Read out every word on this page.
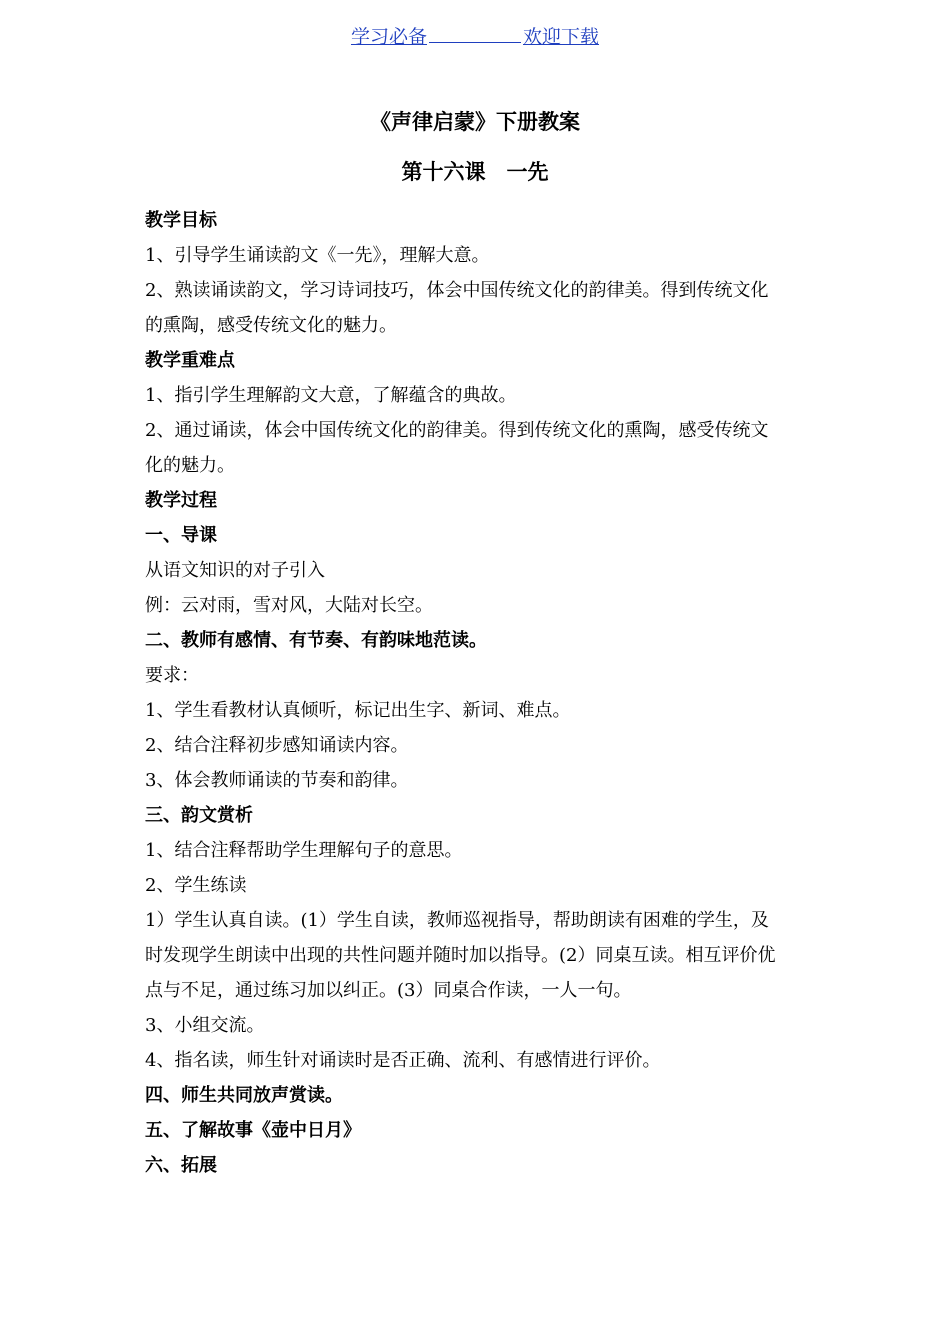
学习必备	欢迎下载
《声律启蒙》下册教案
第十六课　一先
教学目标
1、引导学生诵读韵文《一先》，理解大意。
2、熟读诵读韵文，学习诗词技巧，体会中国传统文化的韵律美。得到传统文化
的熏陶，感受传统文化的魅力。
教学重难点
1、指引学生理解韵文大意，了解蕴含的典故。
2、通过诵读，体会中国传统文化的韵律美。得到传统文化的熏陶，感受传统文
化的魅力。
教学过程
一、导课
从语文知识的对子引入
例：云对雨，雪对风，大陆对长空。
二、教师有感情、有节奏、有韵味地范读。
要求：
1、学生看教材认真倾听，标记出生字、新词、难点。
2、结合注释初步感知诵读内容。
3、体会教师诵读的节奏和韵律。
三、韵文赏析
1、结合注释帮助学生理解句子的意思。
2、学生练读
1）学生认真自读。(1）学生自读，教师巡视指导，帮助朗读有困难的学生，及
时发现学生朗读中出现的共性问题并随时加以指导。(2）同桌互读。相互评价优
点与不足，通过练习加以纠正。(3）同桌合作读，一人一句。
3、小组交流。
4、指名读，师生针对诵读时是否正确、流利、有感情进行评价。
四、师生共同放声赏读。
五、了解故事《壶中日月》
六、拓展
